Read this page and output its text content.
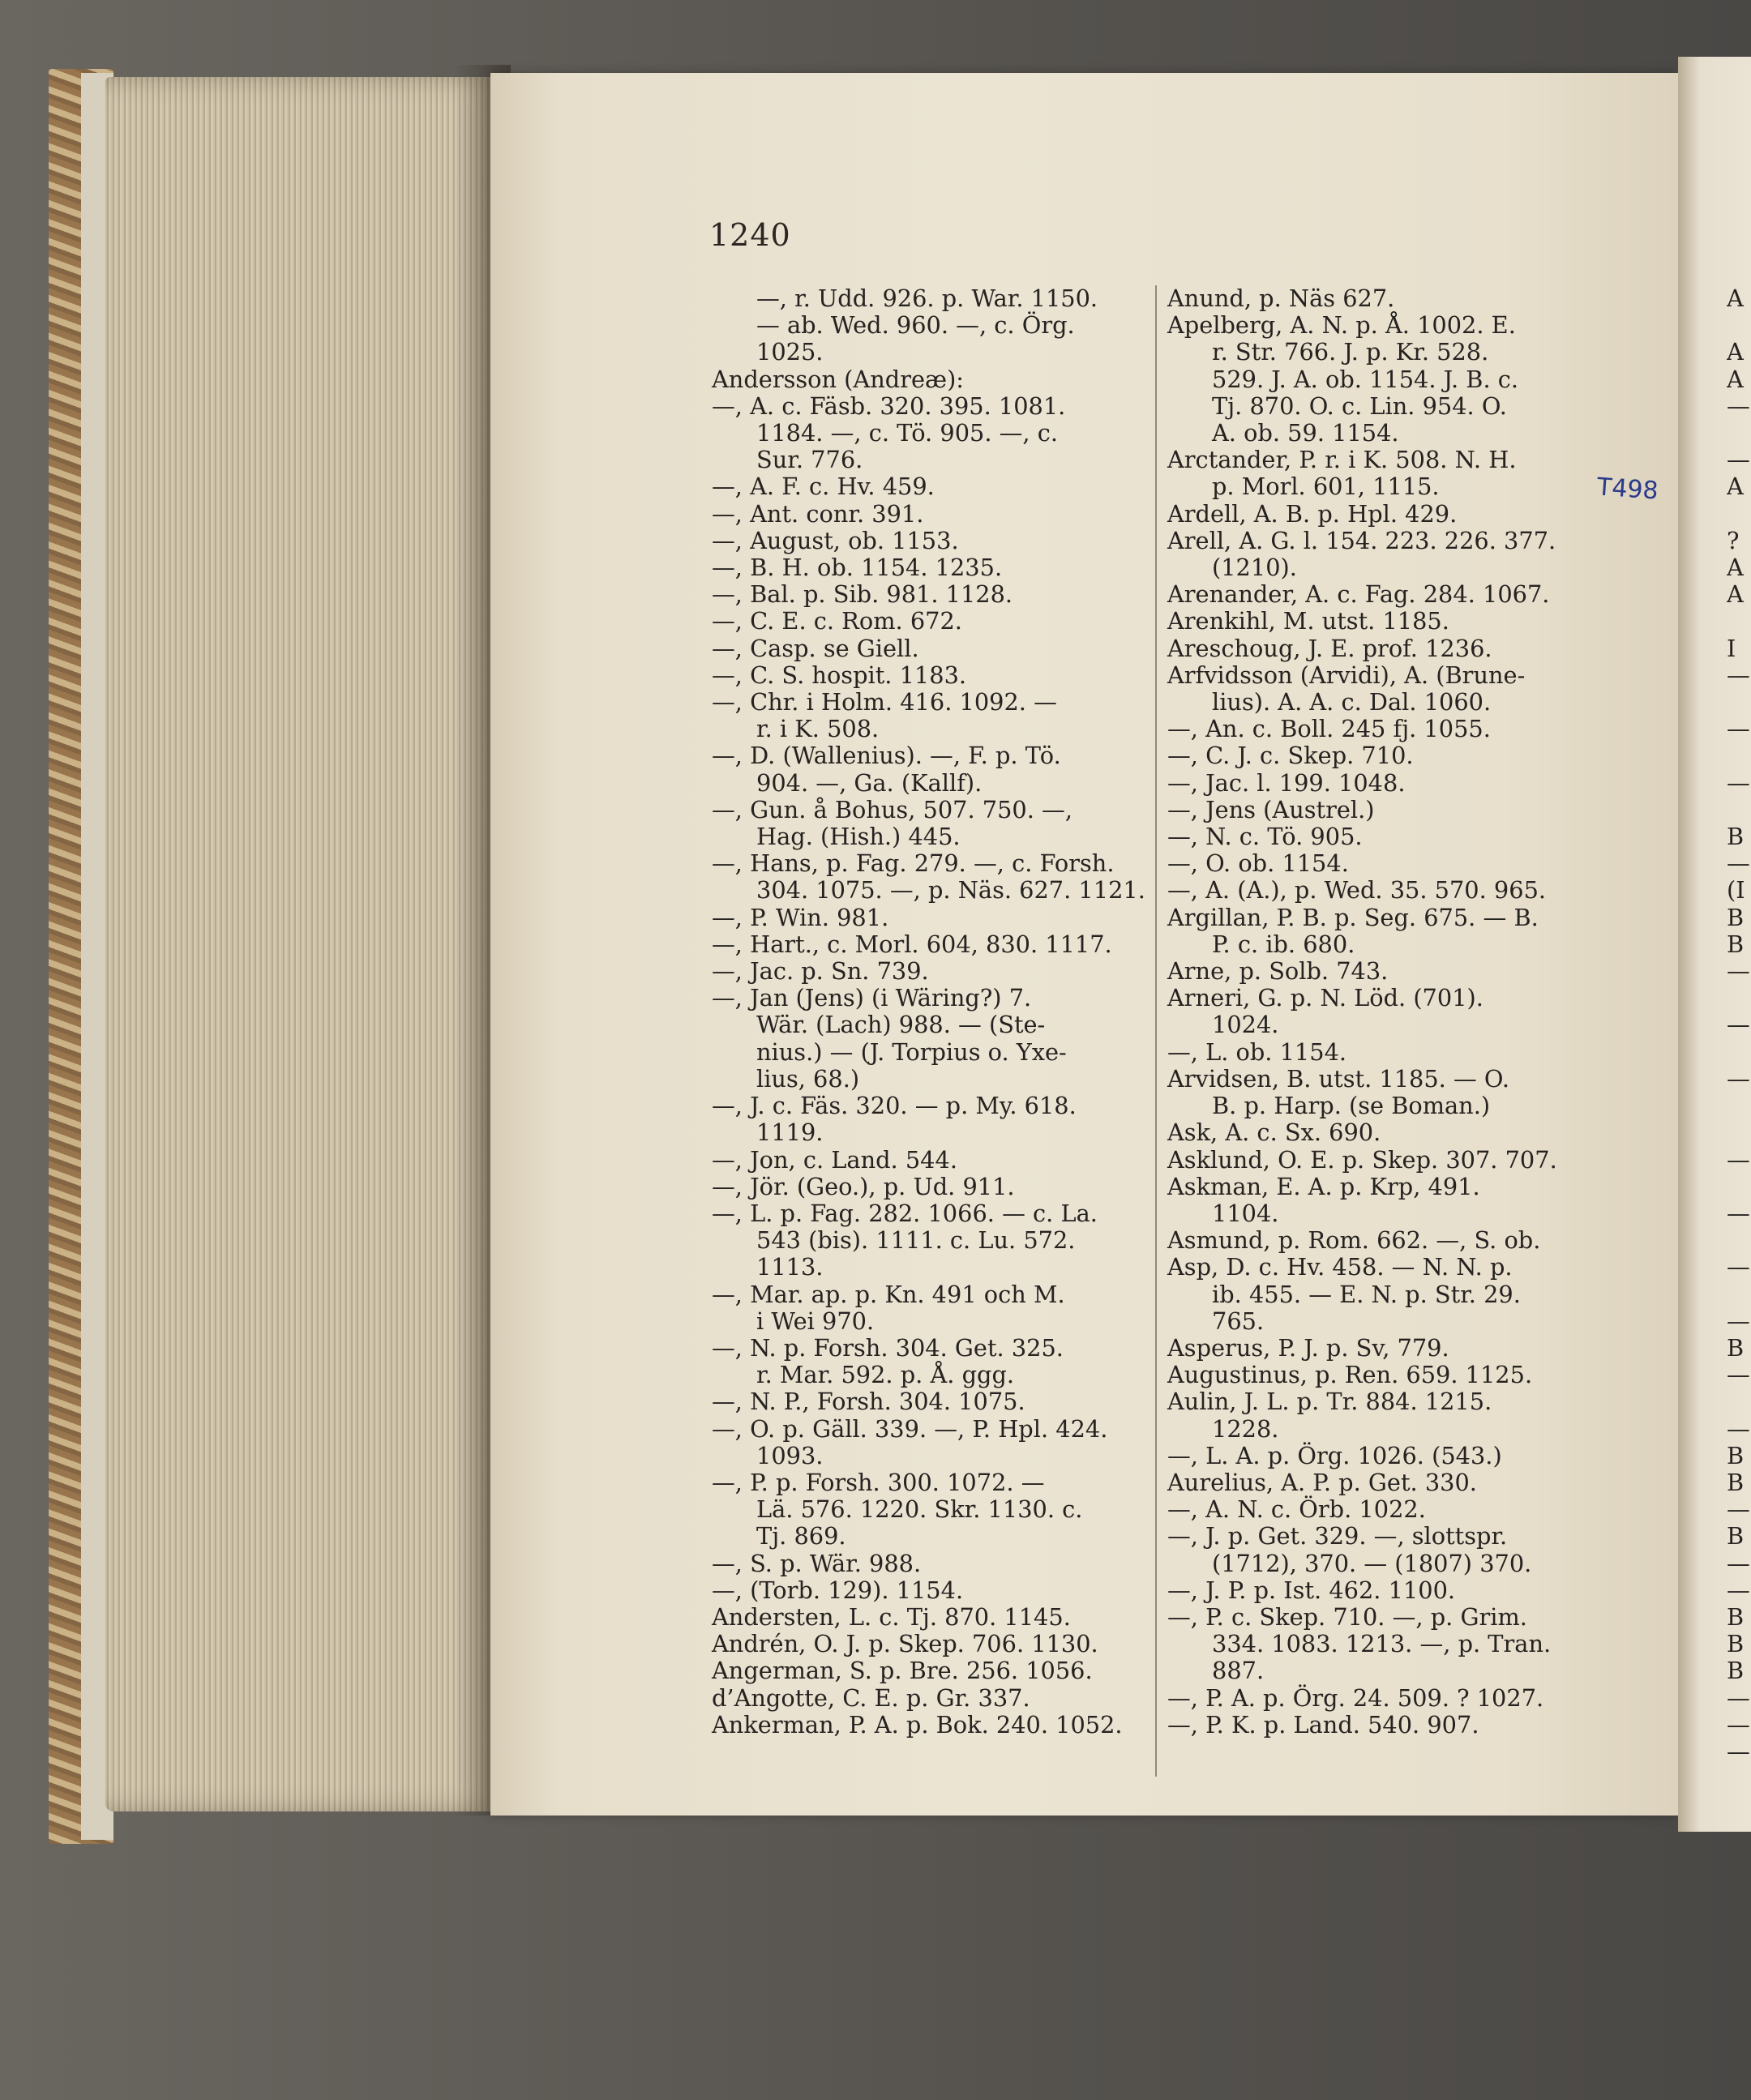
1240
—, r. Udd. 926. p. War. 1150.
— ab. Wed. 960. —, c. Örg.
1025.
Andersson (Andreæ):
—, A. c. Fäsb. 320. 395. 1081.
1184. —, c. Tö. 905. —, c.
Sur. 776.
—, A. F. c. Hv. 459.
—, Ant. conr. 391.
—, August, ob. 1153.
—, B. H. ob. 1154. 1235.
—, Bal. p. Sib. 981. 1128.
—, C. E. c. Rom. 672.
—, Casp. se Giell.
—, C. S. hospit. 1183.
—, Chr. i Holm. 416. 1092. —
r. i K. 508.
—, D. (Wallenius). —, F. p. Tö.
904. —, Ga. (Kallf).
—, Gun. å Bohus, 507. 750. —,
Hag. (Hish.) 445.
—, Hans, p. Fag. 279. —, c. Forsh.
304. 1075. —, p. Näs. 627. 1121.
—, P. Win. 981.
—, Hart., c. Morl. 604, 830. 1117.
—, Jac. p. Sn. 739.
—, Jan (Jens) (i Wäring?) 7.
Wär. (Lach) 988. — (Ste-
nius.) — (J. Torpius o. Yxe-
lius, 68.)
—, J. c. Fäs. 320. — p. My. 618.
1119.
—, Jon, c. Land. 544.
—, Jör. (Geo.), p. Ud. 911.
—, L. p. Fag. 282. 1066. — c. La.
543 (bis). 1111. c. Lu. 572.
1113.
—, Mar. ap. p. Kn. 491 och M.
i Wei 970.
—, N. p. Forsh. 304. Get. 325.
r. Mar. 592. p. Å. ggg.
—, N. P., Forsh. 304. 1075.
—, O. p. Gäll. 339. —, P. Hpl. 424.
1093.
—, P. p. Forsh. 300. 1072. —
Lä. 576. 1220. Skr. 1130. c.
Tj. 869.
—, S. p. Wär. 988.
—, (Torb. 129). 1154.
Andersten, L. c. Tj. 870. 1145.
Andrén, O. J. p. Skep. 706. 1130.
Angerman, S. p. Bre. 256. 1056.
d’Angotte, C. E. p. Gr. 337.
Ankerman, P. A. p. Bok. 240. 1052.
Anund, p. Näs 627.
Apelberg, A. N. p. Å. 1002. E.
r. Str. 766. J. p. Kr. 528.
529. J. A. ob. 1154. J. B. c.
Tj. 870. O. c. Lin. 954. O.
A. ob. 59. 1154.
Arctander, P. r. i K. 508. N. H.
p. Morl. 601, 1115.
Ardell, A. B. p. Hpl. 429.
Arell, A. G. l. 154. 223. 226. 377.
(1210).
Arenander, A. c. Fag. 284. 1067.
Arenkihl, M. utst. 1185.
Areschoug, J. E. prof. 1236.
Arfvidsson (Arvidi), A. (Brune-
lius). A. A. c. Dal. 1060.
—, An. c. Boll. 245 fj. 1055.
—, C. J. c. Skep. 710.
—, Jac. l. 199. 1048.
—, Jens (Austrel.)
—, N. c. Tö. 905.
—, O. ob. 1154.
—, A. (A.), p. Wed. 35. 570. 965.
Argillan, P. B. p. Seg. 675. — B.
P. c. ib. 680.
Arne, p. Solb. 743.
Arneri, G. p. N. Löd. (701).
1024.
—, L. ob. 1154.
Arvidsen, B. utst. 1185. — O.
B. p. Harp. (se Boman.)
Ask, A. c. Sx. 690.
Asklund, O. E. p. Skep. 307. 707.
Askman, E. A. p. Krp, 491.
1104.
Asmund, p. Rom. 662. —, S. ob.
Asp, D. c. Hv. 458. — N. N. p.
ib. 455. — E. N. p. Str. 29.
765.
Asperus, P. J. p. Sv, 779.
Augustinus, p. Ren. 659. 1125.
Aulin, J. L. p. Tr. 884. 1215.
1228.
—, L. A. p. Örg. 1026. (543.)
Aurelius, A. P. p. Get. 330.
—, A. N. c. Örb. 1022.
—, J. p. Get. 329. —, slottspr.
(1712), 370. — (1807) 370.
—, J. P. p. Ist. 462. 1100.
—, P. c. Skep. 710. —, p. Grim.
334. 1083. 1213. —, p. Tran.
887.
—, P. A. p. Örg. 24. 509. ? 1027.
—, P. K. p. Land. 540. 907.
T498
A

A
A
—

—
A

?
A
A

I
—

—

—

B
—
(I
B
B
—

—

—

—

—

—

—
B
—

—
B
B
—
B
—
—
B
B
B
—
—
—
